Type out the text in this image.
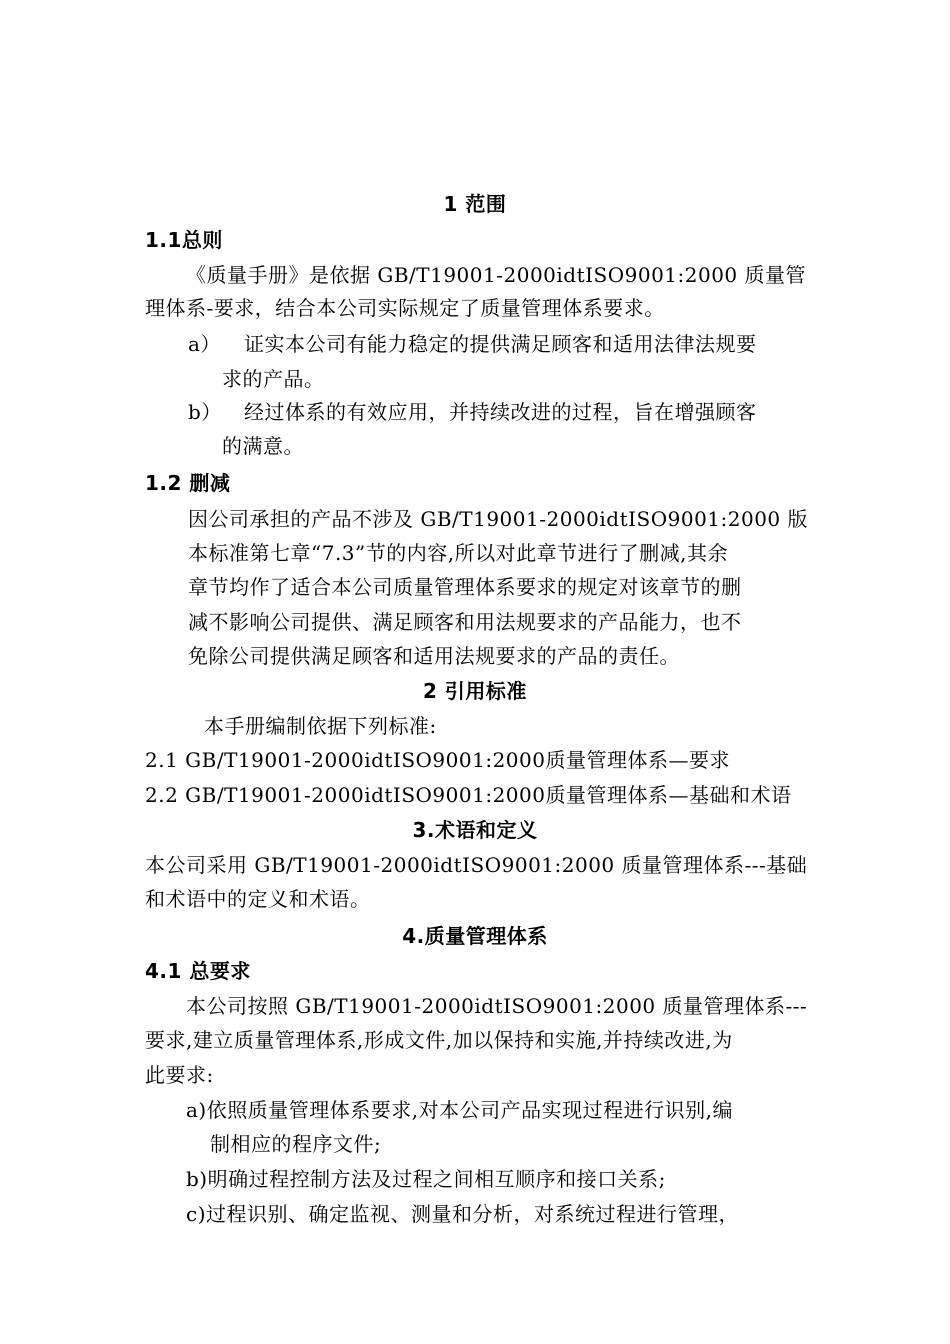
1 范围
1.1总则
《质量手册》是依据 GB/T19001-2000idtISO9001:2000 质量管
理体系-要求，结合本公司实际规定了质量管理体系要求。
a） 证实本公司有能力稳定的提供满足顾客和适用法律法规要
求的产品。
b） 经过体系的有效应用，并持续改进的过程，旨在增强顾客
的满意。
1.2 删减
因公司承担的产品不涉及 GB/T19001-2000idtISO9001:2000 版
本标准第七章“7.3”节的内容,所以对此章节进行了删减,其余
章节均作了适合本公司质量管理体系要求的规定对该章节的删
减不影响公司提供、满足顾客和用法规要求的产品能力，也不
免除公司提供满足顾客和适用法规要求的产品的责任。
2 引用标准
本手册编制依据下列标准:
2.1 GB/T19001-2000idtISO9001:2000质量管理体系—要求
2.2 GB/T19001-2000idtISO9001:2000质量管理体系—基础和术语
3.术语和定义
本公司采用 GB/T19001-2000idtISO9001:2000 质量管理体系---基础
和术语中的定义和术语。
4.质量管理体系
4.1 总要求
本公司按照 GB/T19001-2000idtISO9001:2000 质量管理体系---
要求,建立质量管理体系,形成文件,加以保持和实施,并持续改进,为
此要求:
a)依照质量管理体系要求,对本公司产品实现过程进行识别,编
制相应的程序文件;
b)明确过程控制方法及过程之间相互顺序和接口关系;
c)过程识别、确定监视、测量和分析，对系统过程进行管理，
